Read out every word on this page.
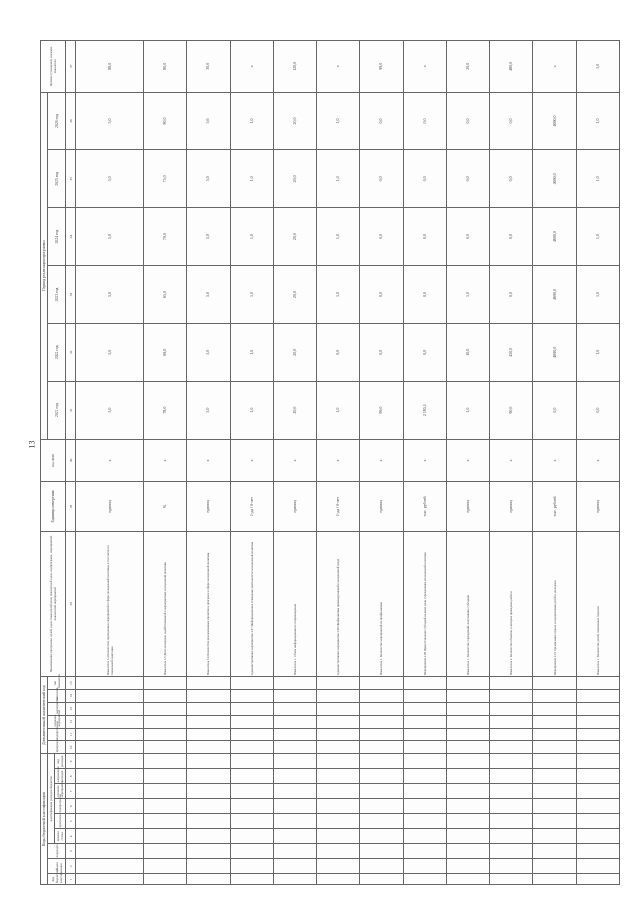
13
Коды бюджетной классификации									Дополнительный аналитический код						Наименование программы, целей, задач, показателей цели, показателей задач, подпрограмм, мероприятий, показателей мероприятий	Единица измерения	Код ЦКРБ	Период реализации программы						Целевое (суммарное) значение показателя
Код бюджетной классификации	раздел	подраздел	классификации расходов бюджетов						программа	подпрограмма	основное мероприятие	мероприятие	показатель	тип показателя				2021 год	2022 год	2023 год	2024 год	2025 год	2026 год	
			целевая статья	программа	подпрограмма	основное мероприятие	направление расходов	вид расходов																
1	2	3	4	5	6	7	8	9	10	11	12	13	14	15	28	29	30	31	32	33	34	35	36	37
															Показатель 3.4 Количество проведенных мероприятий в сфере молодежной политики, в том числе по социальной адаптации	единиц	х	5,0	5,0	5,0	5,0	5,0	5,0	88,0
															Показатель 3.5 Доля молодежи, задействованной в мероприятиях молодежной политики	%	х	78,0	69,0	65,0	70,0	75,0	80,0	80,0
															Показатель 3.6 Количество реализованных проектов и программ в сфере молодежной политики	единиц	х	5,0	5,0	5,0	5,0	5,0	5,6	30,0
															Административное мероприятие 3.07 Информационное освещение деятельности молодежной политики	1-да / 0-нет	х	1,0	1,0	1,0	1,0	1,0	1,0	х
															Показатель 1. Объем информационного сопровождения	единиц	х	20,0	20,0	20,0	20,0	20,0	20,0	120,0
															Административное мероприятие 2.08 Профилактика правонарушений в молодежной среде	1-да / 0-нет	х	1,0	0,0	1,0	1,0	1,0	1,0	х
															Показатель 1. Количество мероприятий по профилактике	единиц	х	99,0	0,0	0,0	0,0	0,0	0,0	99,0
															Мероприятие 2.09 Предоставление субсидий на иные цели учреждениям молодежной политики	тыс. рублей	х	2 185,1	0,0	0,0	0,0	0,0	0,0	х
															Показатель 1. Количество учреждений, получивших субсидию	единиц	х	1,0	10,0	1,0	0,0	0,0	0,0	20,0
															Показатель 2. Количество объектов, в которых проведены работы	единиц	х	90,0	450,0	0,0	0,0	0,0	0,0	480,0
															Мероприятие 2.10 Организация отдыха и оздоровления детей и молодежи	тыс. рублей	х	0,0	4690,0	4690,0	4690,0	4690,0	4690,0	х
															Показатель 1. Количество детей, охваченных отдыхом	единиц	х	0,0	1,0	1,0	1,0	1,0	1,0	5,0
